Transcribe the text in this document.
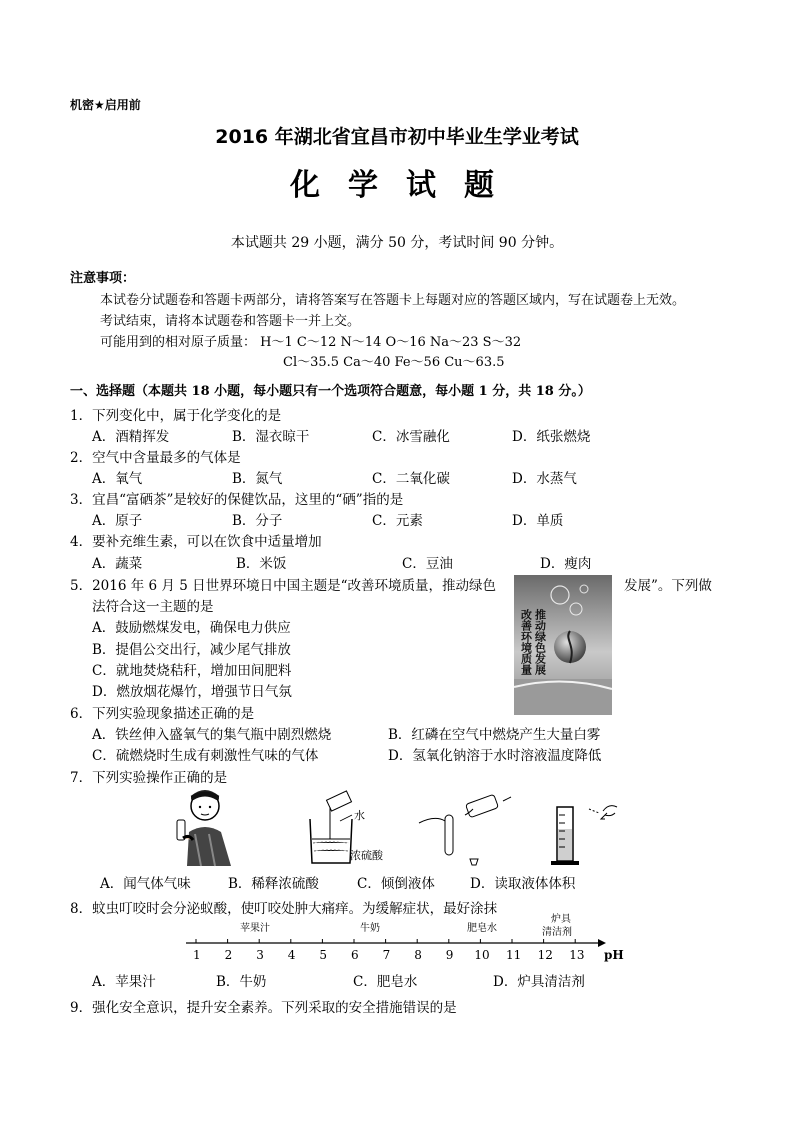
机密★启用前
2016 年湖北省宜昌市初中毕业生学业考试
化学试题
本试题共 29 小题，满分 50 分，考试时间 90 分钟。
注意事项：
本试卷分试题卷和答题卡两部分，请将答案写在答题卡上每题对应的答题区域内，写在试题卷上无效。
考试结束，请将本试题卷和答题卡一并上交。
可能用到的相对原子质量： H～1 C～12 N～14 O～16 Na～23 S～32
Cl～35.5 Ca～40 Fe～56 Cu～63.5
一、选择题（本题共 18 小题，每小题只有一个选项符合题意，每小题 1 分，共 18 分。）
1．下列变化中，属于化学变化的是
A．酒精挥发	B．湿衣晾干	C．冰雪融化	D．纸张燃烧
2．空气中含量最多的气体是
A．氧气	B．氮气	C．二氧化碳	D．水蒸气
3．宜昌“富硒茶”是较好的保健饮品，这里的“硒”指的是
A．原子	B．分子	C．元素	D．单质
4．要补充维生素，可以在饮食中适量增加
A．蔬菜	B．米饭	C．豆油	D．瘦肉
5．2016 年 6 月 5 日世界环境日中国主题是“改善环境质量，推动绿色	发展”。下列做
法符合这一主题的是
A．鼓励燃煤发电，确保电力供应
B．提倡公交出行，减少尾气排放
C．就地焚烧秸秆，增加田间肥料
D．燃放烟花爆竹，增强节日气氛
推动绿色发展
改善环境质量
6．下列实验现象描述正确的是
A．铁丝伸入盛氧气的集气瓶中剧烈燃烧	B．红磷在空气中燃烧产生大量白雾
C．硫燃烧时生成有刺激性气味的气体	D．氢氧化钠溶于水时溶液温度降低
7．下列实验操作正确的是
水
浓硫酸
A．闻气体气味	B．稀释浓硫酸	C．倾倒液体	D．读取液体体积
8．蚊虫叮咬时会分泌蚁酸，使叮咬处肿大痛痒。为缓解症状，最好涂抹
1 2 3 4 5 6 7 8 9 10 11 12 13
苹果汁	牛奶	肥皂水
炉具
清洁剂
pH
A．苹果汁	B．牛奶	C．肥皂水	D．炉具清洁剂
9．强化安全意识，提升安全素养。下列采取的安全措施错误的是
